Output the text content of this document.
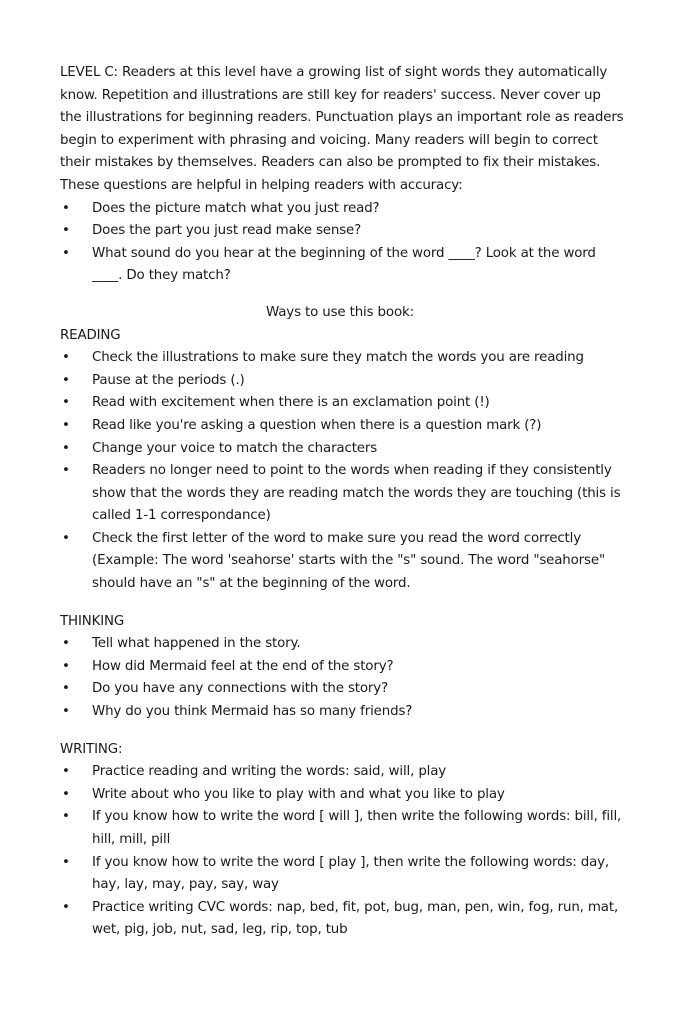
LEVEL C: Readers at this level have a growing list of sight words they automatically
know. Repetition and illustrations are still key for readers' success. Never cover up
the illustrations for beginning readers. Punctuation plays an important role as readers
begin to experiment with phrasing and voicing. Many readers will begin to correct
their mistakes by themselves. Readers can also be prompted to fix their mistakes.
These questions are helpful in helping readers with accuracy:
• Does the picture match what you just read?
• Does the part you just read make sense?
• What sound do you hear at the beginning of the word ____? Look at the word
____. Do they match?
Ways to use this book:
READING
• Check the illustrations to make sure they match the words you are reading
• Pause at the periods (.)
• Read with excitement when there is an exclamation point (!)
• Read like you're asking a question when there is a question mark (?)
• Change your voice to match the characters
• Readers no longer need to point to the words when reading if they consistently
show that the words they are reading match the words they are touching (this is
called 1-1 correspondance)
• Check the first letter of the word to make sure you read the word correctly
(Example: The word 'seahorse' starts with the "s" sound. The word "seahorse"
should have an "s" at the beginning of the word.
THINKING
• Tell what happened in the story.
• How did Mermaid feel at the end of the story?
• Do you have any connections with the story?
• Why do you think Mermaid has so many friends?
WRITING:
• Practice reading and writing the words: said, will, play
• Write about who you like to play with and what you like to play
• If you know how to write the word [ will ], then write the following words: bill, fill,
hill, mill, pill
• If you know how to write the word [ play ], then write the following words: day,
hay, lay, may, pay, say, way
• Practice writing CVC words: nap, bed, fit, pot, bug, man, pen, win, fog, run, mat,
wet, pig, job, nut, sad, leg, rip, top, tub
